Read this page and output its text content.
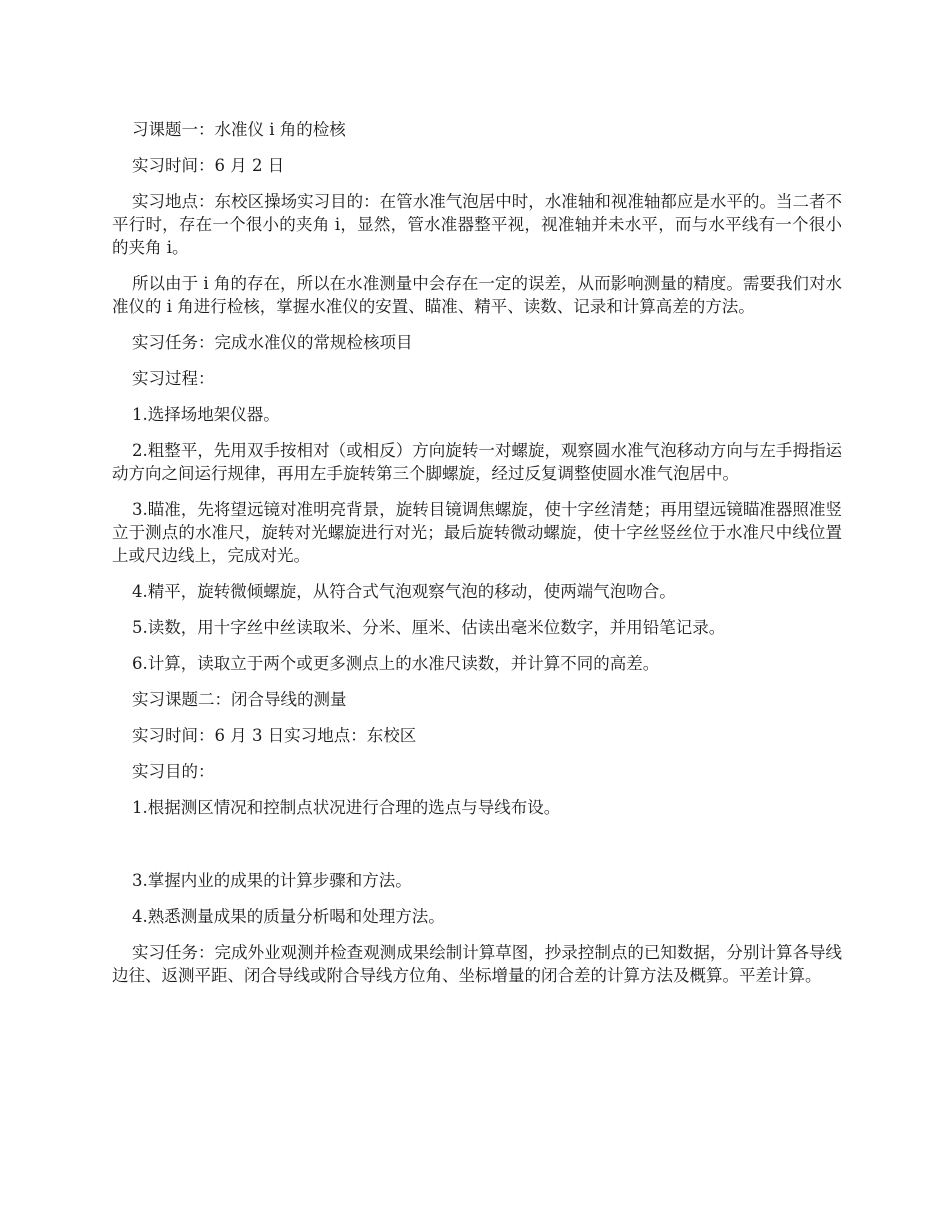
习课题一：水准仪 i 角的检核

实习时间：6 月 2 日

实习地点：东校区操场实习目的：在管水准气泡居中时，水准轴和视准轴都应是水平的。当二者不平行时，存在一个很小的夹角 i，显然，管水准器整平视，视准轴并未水平，而与水平线有一个很小的夹角 i。

所以由于 i 角的存在，所以在水准测量中会存在一定的误差，从而影响测量的精度。需要我们对水准仪的 i 角进行检核，掌握水准仪的安置、瞄准、精平、读数、记录和计算高差的方法。

实习任务：完成水准仪的常规检核项目

实习过程：

1.选择场地架仪器。

2.粗整平，先用双手按相对（或相反）方向旋转一对螺旋，观察圆水准气泡移动方向与左手拇指运动方向之间运行规律，再用左手旋转第三个脚螺旋，经过反复调整使圆水准气泡居中。

3.瞄准，先将望远镜对准明亮背景，旋转目镜调焦螺旋，使十字丝清楚；再用望远镜瞄准器照准竖立于测点的水准尺，旋转对光螺旋进行对光；最后旋转微动螺旋，使十字丝竖丝位于水准尺中线位置上或尺边线上，完成对光。

4.精平，旋转微倾螺旋，从符合式气泡观察气泡的移动，使两端气泡吻合。

5.读数，用十字丝中丝读取米、分米、厘米、估读出毫米位数字，并用铅笔记录。

6.计算，读取立于两个或更多测点上的水准尺读数，并计算不同的高差。

实习课题二：闭合导线的测量

实习时间：6 月 3 日实习地点：东校区

实习目的：

1.根据测区情况和控制点状况进行合理的选点与导线布设。

3.掌握内业的成果的计算步骤和方法。

4.熟悉测量成果的质量分析喝和处理方法。

实习任务：完成外业观测并检查观测成果绘制计算草图，抄录控制点的已知数据，分别计算各导线边往、返测平距、闭合导线或附合导线方位角、坐标增量的闭合差的计算方法及概算。平差计算。
